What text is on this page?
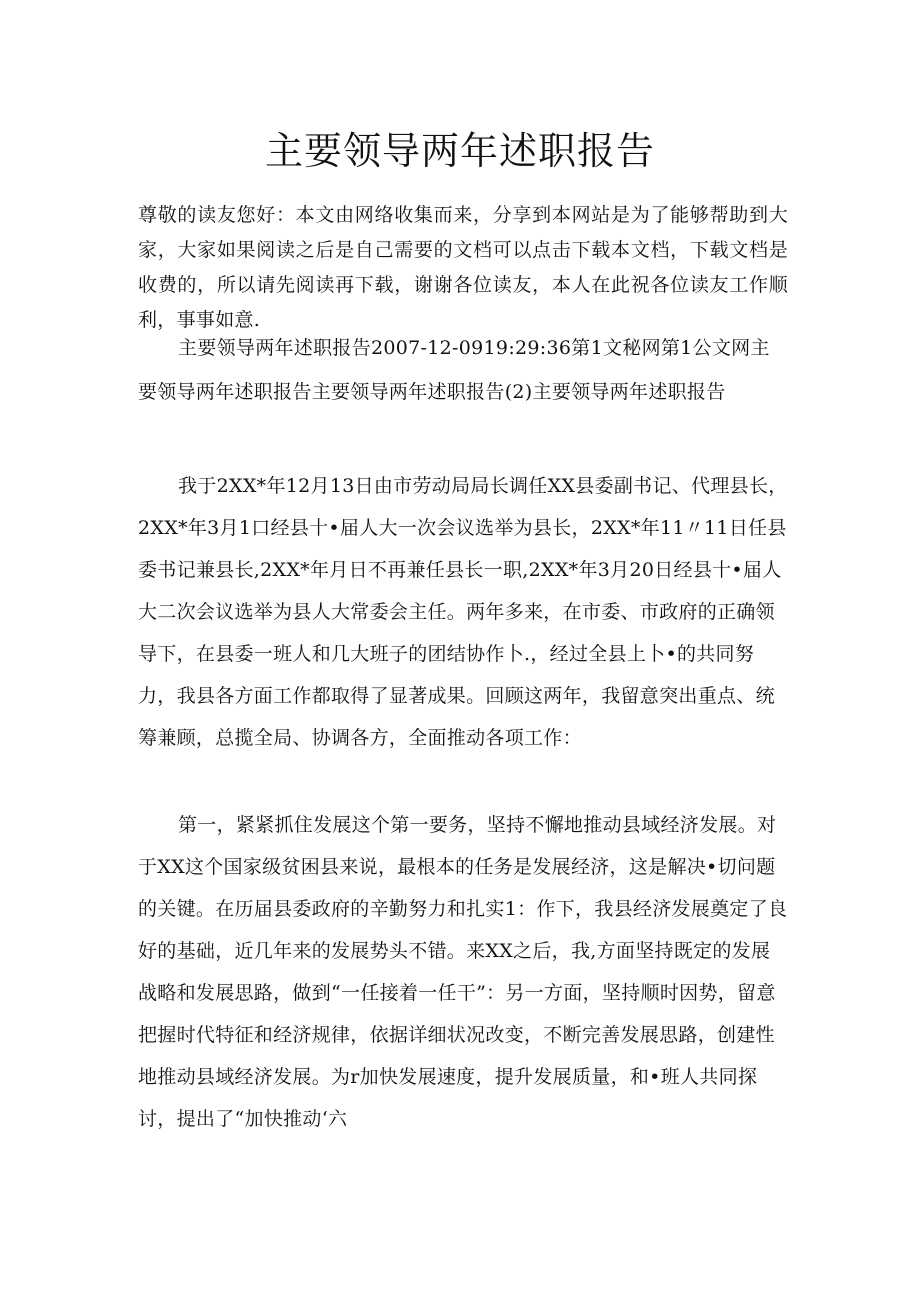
主要领导两年述职报告

尊敬的读友您好：本文由网络收集而来，分享到本网站是为了能够帮助到大家，大家如果阅读之后是自己需要的文档可以点击下载本文档，下载文档是收费的，所以请先阅读再下载，谢谢各位读友，本人在此祝各位读友工作顺利，事事如意.

主要领导两年述职报告2007-12-0919:29:36第1文秘网第1公文网主要领导两年述职报告主要领导两年述职报告(2)主要领导两年述职报告

我于2XX*年12月13日由市劳动局局长调任XX县委副书记、代理县长，2XX*年3月1口经县十•届人大一次会议选举为县长，2XX*年11〃11日任县委书记兼县长,2XX*年月日不再兼任县长一职,2XX*年3月20日经县十•届人大二次会议选举为县人大常委会主任。两年多来，在市委、市政府的正确领导下，在县委一班人和几大班子的团结协作卜.，经过全县上卜•的共同努力，我县各方面工作都取得了显著成果。回顾这两年，我留意突出重点、统筹兼顾，总揽全局、协调各方，全面推动各项工作：

第一，紧紧抓住发展这个第一要务，坚持不懈地推动县域经济发展。对于XX这个国家级贫困县来说，最根本的任务是发展经济，这是解决•切问题的关键。在历届县委政府的辛勤努力和扎实1：作下，我县经济发展奠定了良好的基础，近几年来的发展势头不错。来XX之后，我,方面坚持既定的发展战略和发展思路，做到“一任接着一任干”：另一方面，坚持顺时因势，留意把握时代特征和经济规律，依据详细状况改变，不断完善发展思路，创建性地推动县域经济发展。为r加快发展速度，提升发展质量，和•班人共同探讨，提出了“加快推动‘六
